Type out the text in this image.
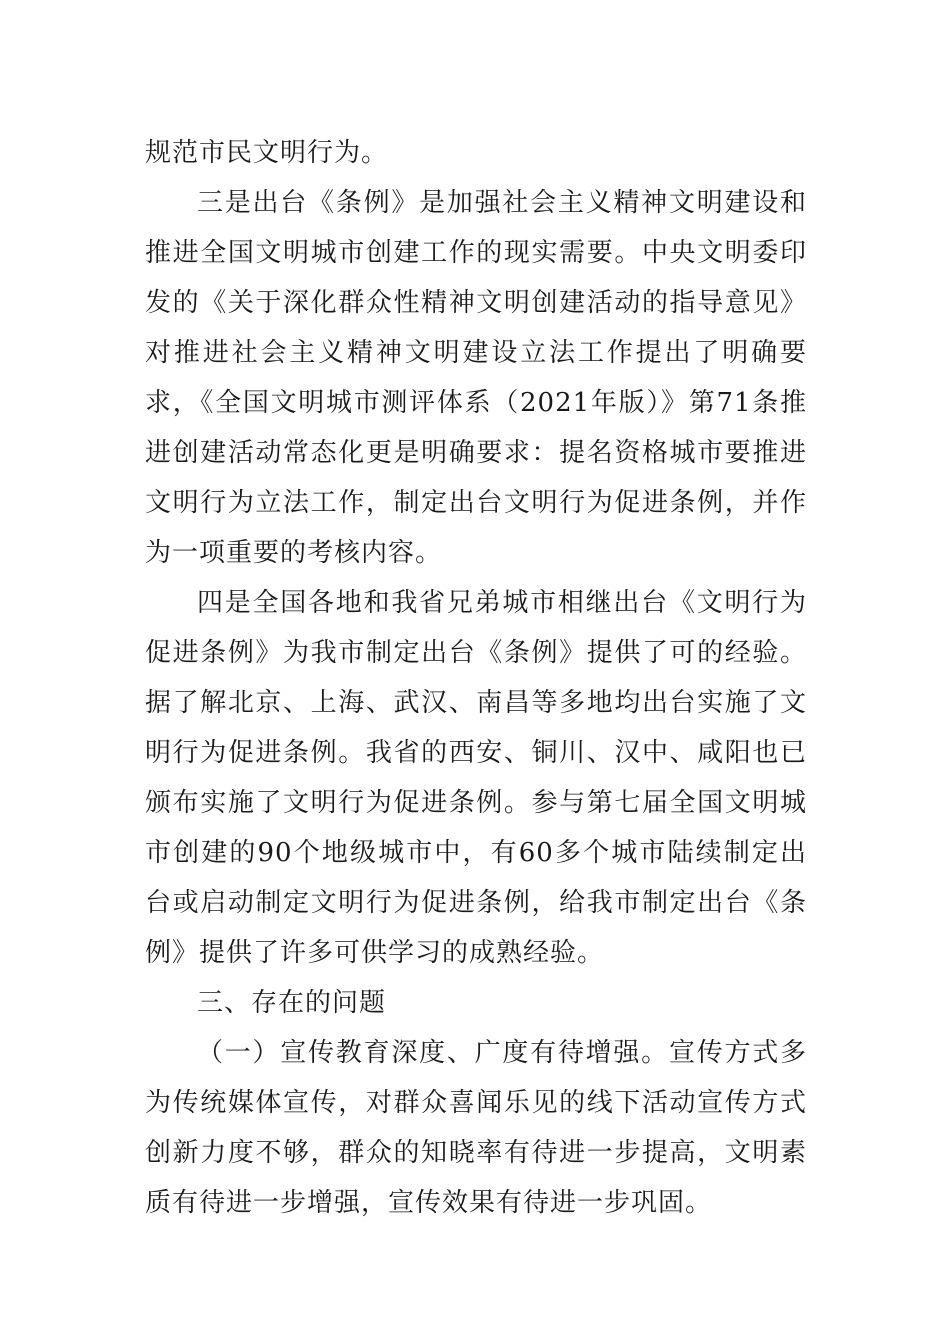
规范市民文明行为。

三是出台《条例》是加强社会主义精神文明建设和推进全国文明城市创建工作的现实需要。中央文明委印发的《关于深化群众性精神文明创建活动的指导意见》对推进社会主义精神文明建设立法工作提出了明确要求，《全国文明城市测评体系（2021年版）》第71条推进创建活动常态化更是明确要求：提名资格城市要推进文明行为立法工作，制定出台文明行为促进条例，并作为一项重要的考核内容。

四是全国各地和我省兄弟城市相继出台《文明行为促进条例》为我市制定出台《条例》提供了可的经验。据了解北京、上海、武汉、南昌等多地均出台实施了文明行为促进条例。我省的西安、铜川、汉中、咸阳也已颁布实施了文明行为促进条例。参与第七届全国文明城市创建的90个地级城市中，有60多个城市陆续制定出台或启动制定文明行为促进条例，给我市制定出台《条例》提供了许多可供学习的成熟经验。

三、存在的问题

（一）宣传教育深度、广度有待增强。宣传方式多为传统媒体宣传，对群众喜闻乐见的线下活动宣传方式创新力度不够，群众的知晓率有待进一步提高，文明素质有待进一步增强，宣传效果有待进一步巩固。
